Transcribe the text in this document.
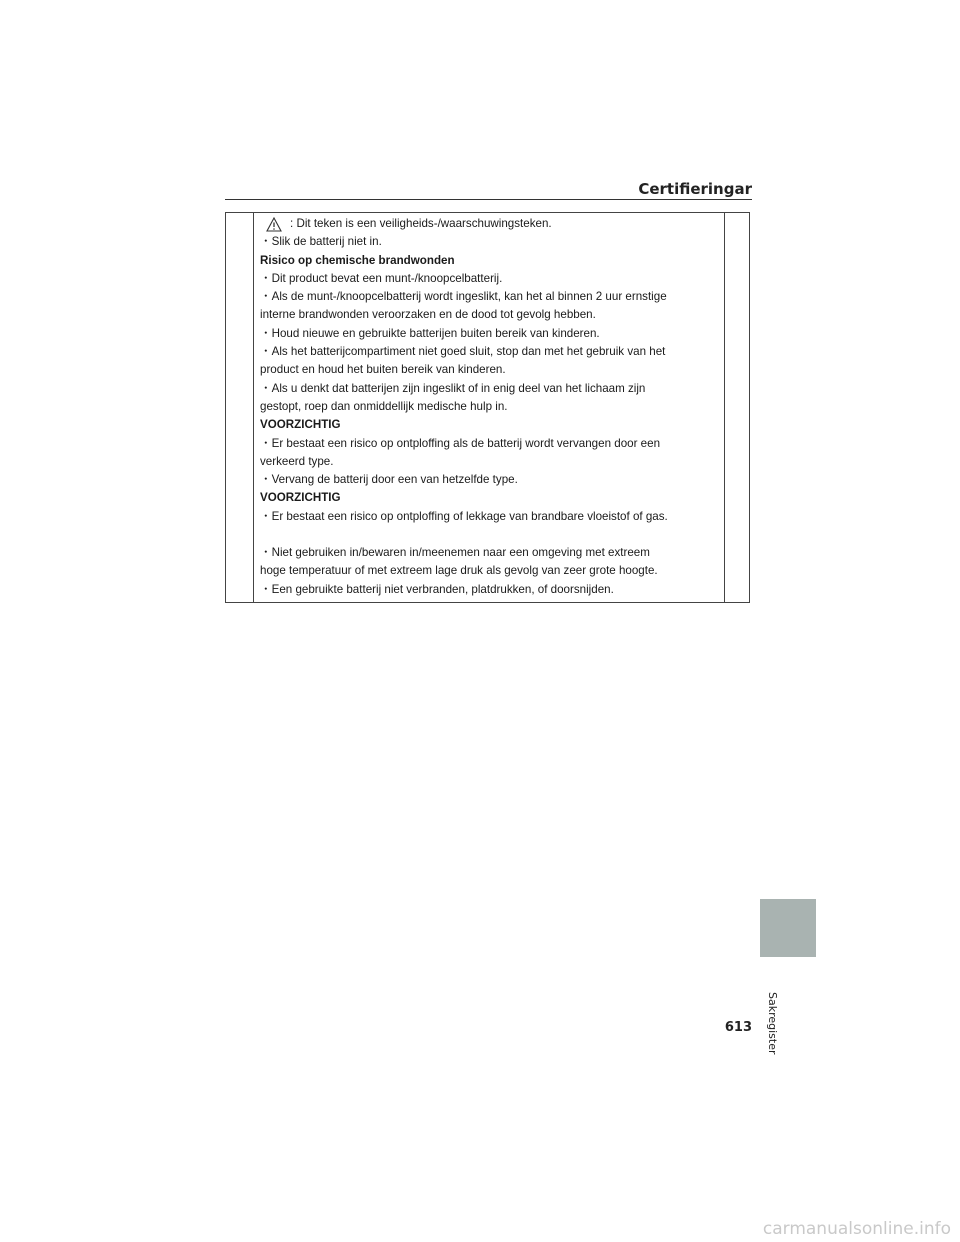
Certifieringar
: Dit teken is een veiligheids-/waarschuwingsteken.
・Slik de batterij niet in.
Risico op chemische brandwonden
・Dit product bevat een munt-/knoopcelbatterij.
・Als de munt-/knoopcelbatterij wordt ingeslikt, kan het al binnen 2 uur ernstige
interne brandwonden veroorzaken en de dood tot gevolg hebben.
・Houd nieuwe en gebruikte batterijen buiten bereik van kinderen.
・Als het batterijcompartiment niet goed sluit, stop dan met het gebruik van het
product en houd het buiten bereik van kinderen.
・Als u denkt dat batterijen zijn ingeslikt of in enig deel van het lichaam zijn
gestopt, roep dan onmiddellijk medische hulp in.
VOORZICHTIG
・Er bestaat een risico op ontploffing als de batterij wordt vervangen door een
verkeerd type.
・Vervang de batterij door een van hetzelfde type.
VOORZICHTIG
・Er bestaat een risico op ontploffing of lekkage van brandbare vloeistof of gas.
・Niet gebruiken in/bewaren in/meenemen naar een omgeving met extreem
hoge temperatuur of met extreem lage druk als gevolg van zeer grote hoogte.
・Een gebruikte batterij niet verbranden, platdrukken, of doorsnijden.
Sakregister
613
carmanualsonline.info
